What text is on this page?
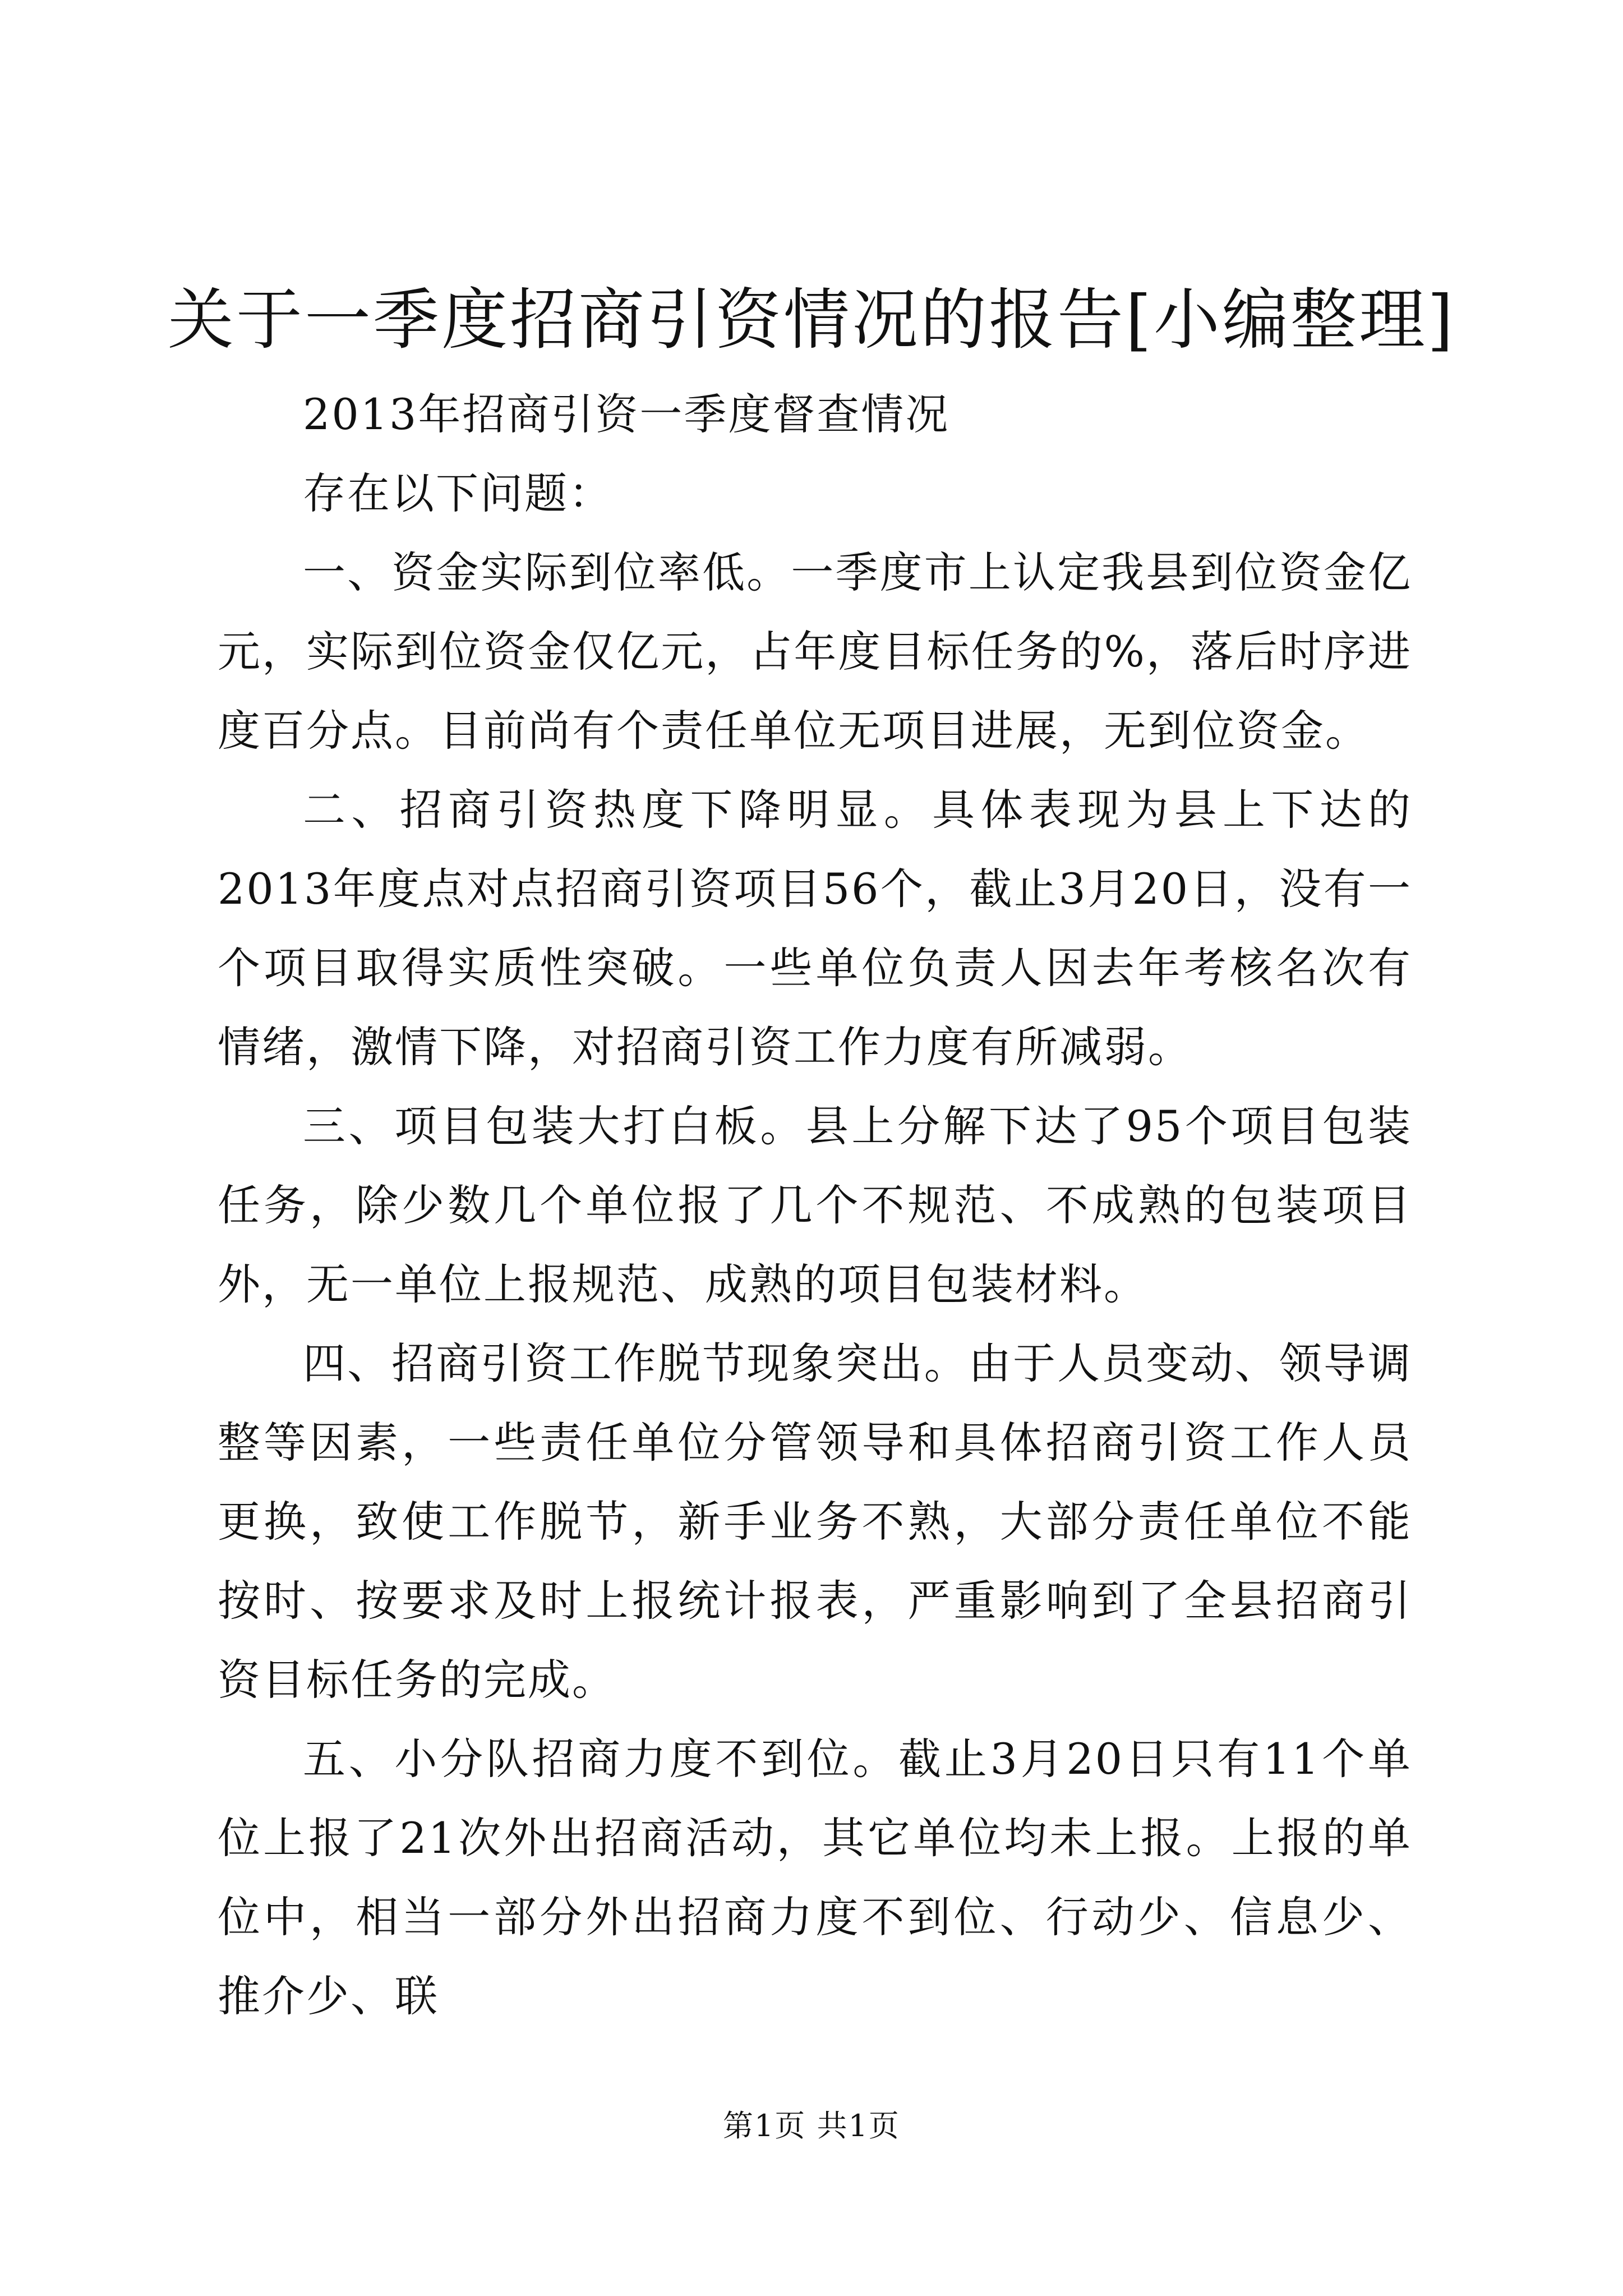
关于一季度招商引资情况的报告[小编整理]

2013年招商引资一季度督查情况

存在以下问题：

一、资金实际到位率低。一季度市上认定我县到位资金亿元，实际到位资金仅亿元，占年度目标任务的%，落后时序进度百分点。目前尚有个责任单位无项目进展，无到位资金。

二、招商引资热度下降明显。具体表现为县上下达的2013年度点对点招商引资项目56个，截止3月20日，没有一个项目取得实质性突破。一些单位负责人因去年考核名次有情绪，激情下降，对招商引资工作力度有所减弱。

三、项目包装大打白板。县上分解下达了95个项目包装任务，除少数几个单位报了几个不规范、不成熟的包装项目外，无一单位上报规范、成熟的项目包装材料。

四、招商引资工作脱节现象突出。由于人员变动、领导调整等因素，一些责任单位分管领导和具体招商引资工作人员更换，致使工作脱节，新手业务不熟，大部分责任单位不能按时、按要求及时上报统计报表，严重影响到了全县招商引资目标任务的完成。

五、小分队招商力度不到位。截止3月20日只有11个单位上报了21次外出招商活动，其它单位均未上报。上报的单位中，相当一部分外出招商力度不到位、行动少、信息少、推介少、联

第1页 共1页
